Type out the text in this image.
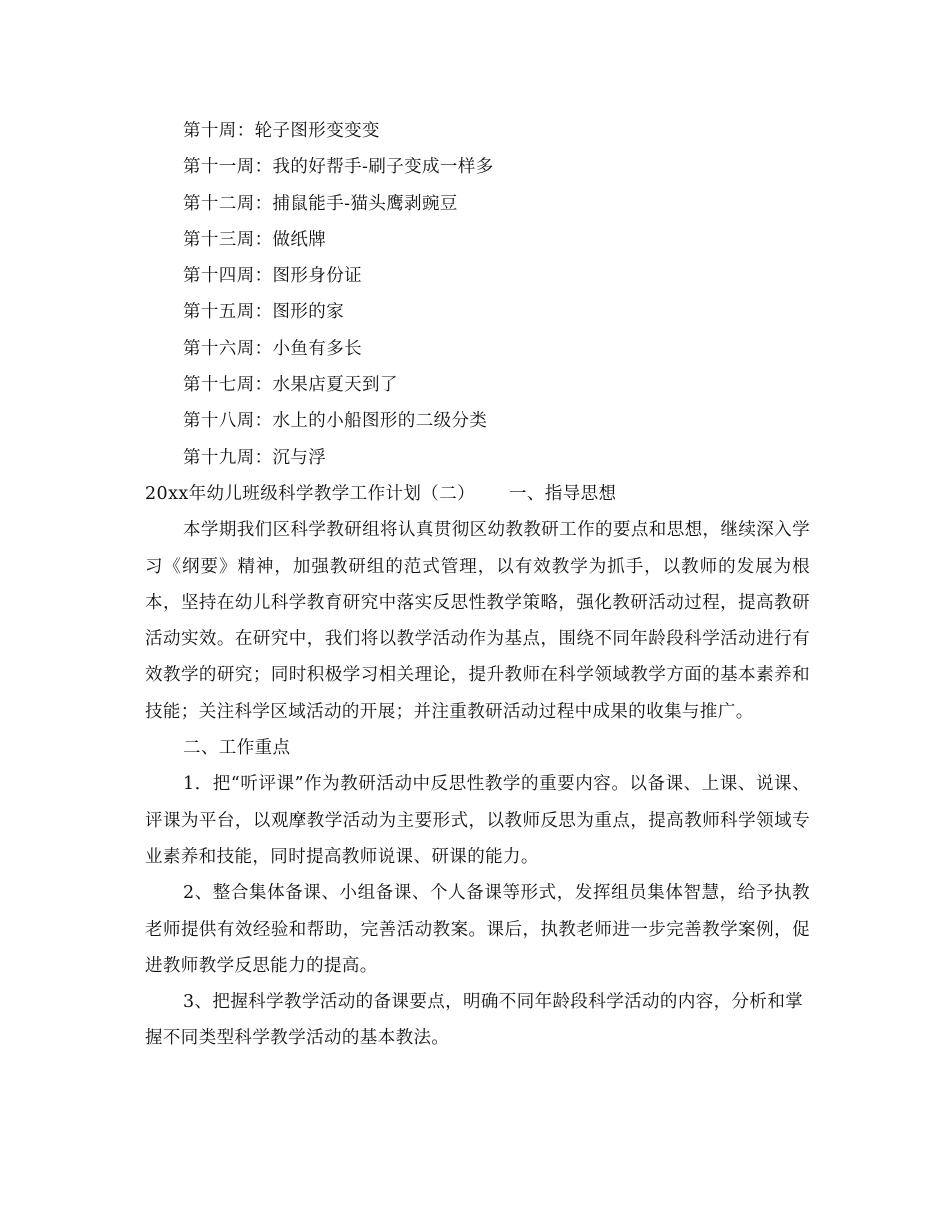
第十周：轮子图形变变变
第十一周：我的好帮手-刷子变成一样多
第十二周：捕鼠能手-猫头鹰剥豌豆
第十三周：做纸牌
第十四周：图形身份证
第十五周：图形的家
第十六周：小鱼有多长
第十七周：水果店夏天到了
第十八周：水上的小船图形的二级分类
第十九周：沉与浮
20xx年幼儿班级科学教学工作计划（二） 一、指导思想

本学期我们区科学教研组将认真贯彻区幼教教研工作的要点和思想，继续深入学习《纲要》精神，加强教研组的范式管理，以有效教学为抓手，以教师的发展为根本，坚持在幼儿科学教育研究中落实反思性教学策略，强化教研活动过程，提高教研活动实效。在研究中，我们将以教学活动作为基点，围绕不同年龄段科学活动进行有效教学的研究；同时积极学习相关理论，提升教师在科学领域教学方面的基本素养和技能；关注科学区域活动的开展；并注重教研活动过程中成果的收集与推广。

二、工作重点

1．把“听评课”作为教研活动中反思性教学的重要内容。以备课、上课、说课、评课为平台，以观摩教学活动为主要形式，以教师反思为重点，提高教师科学领域专业素养和技能，同时提高教师说课、研课的能力。

2、整合集体备课、小组备课、个人备课等形式，发挥组员集体智慧，给予执教老师提供有效经验和帮助，完善活动教案。课后，执教老师进一步完善教学案例，促进教师教学反思能力的提高。

3、把握科学教学活动的备课要点，明确不同年龄段科学活动的内容，分析和掌握不同类型科学教学活动的基本教法。
